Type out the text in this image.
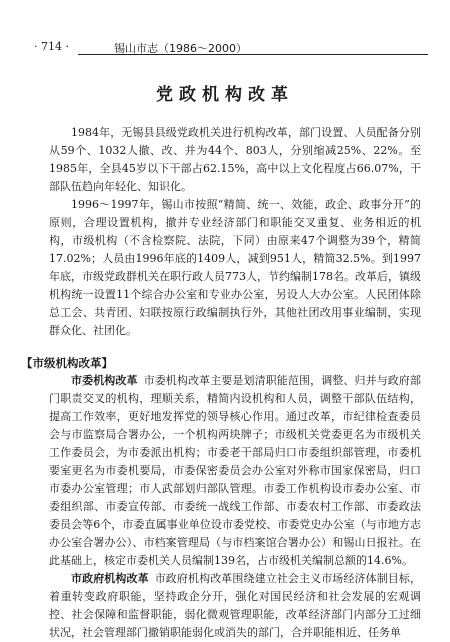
· 714 ·	锡山市志（1986～2000）
党政机构改革

1984年，无锡县县级党政机关进行机构改革，部门设置、人员配备分别从59个、1032人撤、改、并为44个、803人，分别缩减25%、22%。至1985年，全县45岁以下干部占62.15%，高中以上文化程度占66.07%，干部队伍趋向年轻化、知识化。

1996～1997年，锡山市按照“精简、统一、效能，政企、政事分开”的原则，合理设置机构，撤并专业经济部门和职能交叉重复、业务相近的机构，市级机构（不含检察院、法院，下同）由原来47个调整为39个，精简17.02%；人员由1996年底的1409人，减到951人，精简32.5%。到1997年底，市级党政群机关在职行政人员773人，节约编制178名。改革后，镇级机构统一设置11个综合办公室和专业办公室，另设人大办公室。人民团体除总工会、共青团、妇联按原行政编制执行外，其他社团改用事业编制，实现群众化、社团化。

【市级机构改革】

市委机构改革 市委机构改革主要是划清职能范围，调整、归并与政府部门职责交叉的机构，理顺关系，精简内设机构和人员，调整干部队伍结构，提高工作效率，更好地发挥党的领导核心作用。通过改革，市纪律检查委员会与市监察局合署办公，一个机构两块牌子；市级机关党委更名为市级机关工作委员会，为市委派出机构；市委老干部局归口市委组织部管理，市委机要室更名为市委机要局，市委保密委员会办公室对外称市国家保密局，归口市委办公室管理；市人武部划归部队管理。市委工作机构设市委办公室、市委组织部、市委宣传部、市委统一战线工作部、市委农村工作部、市委政法委员会等6个，市委直属事业单位设市委党校、市委党史办公室（与市地方志办公室合署办公）、市档案管理局（与市档案馆合署办公）和锡山日报社。在此基础上，核定市委机关人员编制139名，占市级机关编制总额的14.6%。

市政府机构改革 市政府机构改革围绕建立社会主义市场经济体制目标，着重转变政府职能，坚持政企分开，强化对国民经济和社会发展的宏观调控、社会保障和监督职能，弱化微观管理职能，改革经济部门内部分工过细状况，社会管理部门撤销职能弱化或消失的部门，合并职能相近、任务单
